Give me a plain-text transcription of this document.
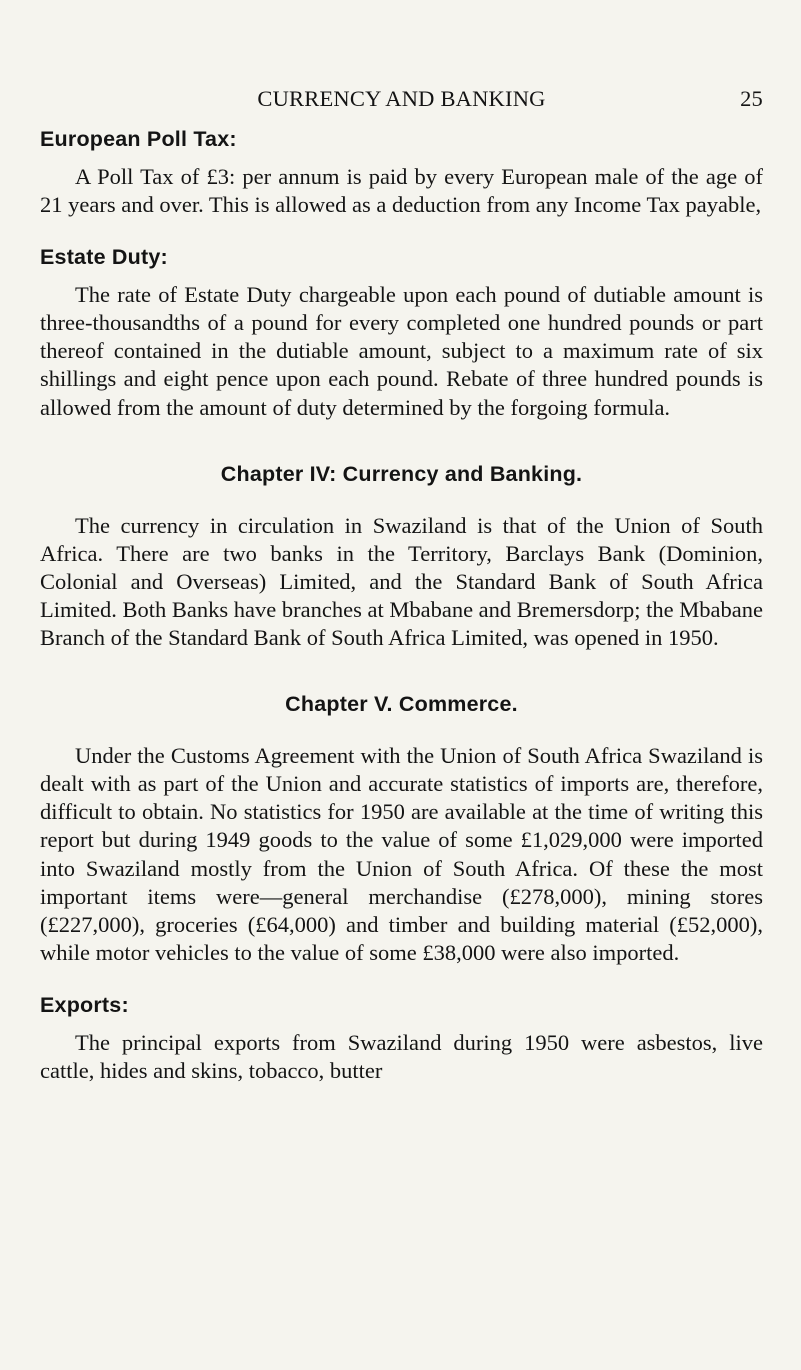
CURRENCY AND BANKING	25
European Poll Tax:

A Poll Tax of £3: per annum is paid by every European male of the age of 21 years and over. This is allowed as a deduction from any Income Tax payable,

Estate Duty:

The rate of Estate Duty chargeable upon each pound of dutiable amount is three-thousandths of a pound for every completed one hundred pounds or part thereof contained in the dutiable amount, subject to a maximum rate of six shillings and eight pence upon each pound. Rebate of three hundred pounds is allowed from the amount of duty determined by the forgoing formula.

Chapter IV: Currency and Banking.

The currency in circulation in Swaziland is that of the Union of South Africa. There are two banks in the Territory, Barclays Bank (Dominion, Colonial and Overseas) Limited, and the Standard Bank of South Africa Limited. Both Banks have branches at Mbabane and Bremersdorp; the Mbabane Branch of the Standard Bank of South Africa Limited, was opened in 1950.

Chapter V. Commerce.

Under the Customs Agreement with the Union of South Africa Swaziland is dealt with as part of the Union and accurate statistics of imports are, therefore, difficult to obtain. No statistics for 1950 are available at the time of writing this report but during 1949 goods to the value of some £1,029,000 were imported into Swaziland mostly from the Union of South Africa. Of these the most important items were—general merchandise (£278,000), mining stores (£227,000), groceries (£64,000) and timber and building material (£52,000), while motor vehicles to the value of some £38,000 were also imported.

Exports:

The principal exports from Swaziland during 1950 were asbestos, live cattle, hides and skins, tobacco, butter
